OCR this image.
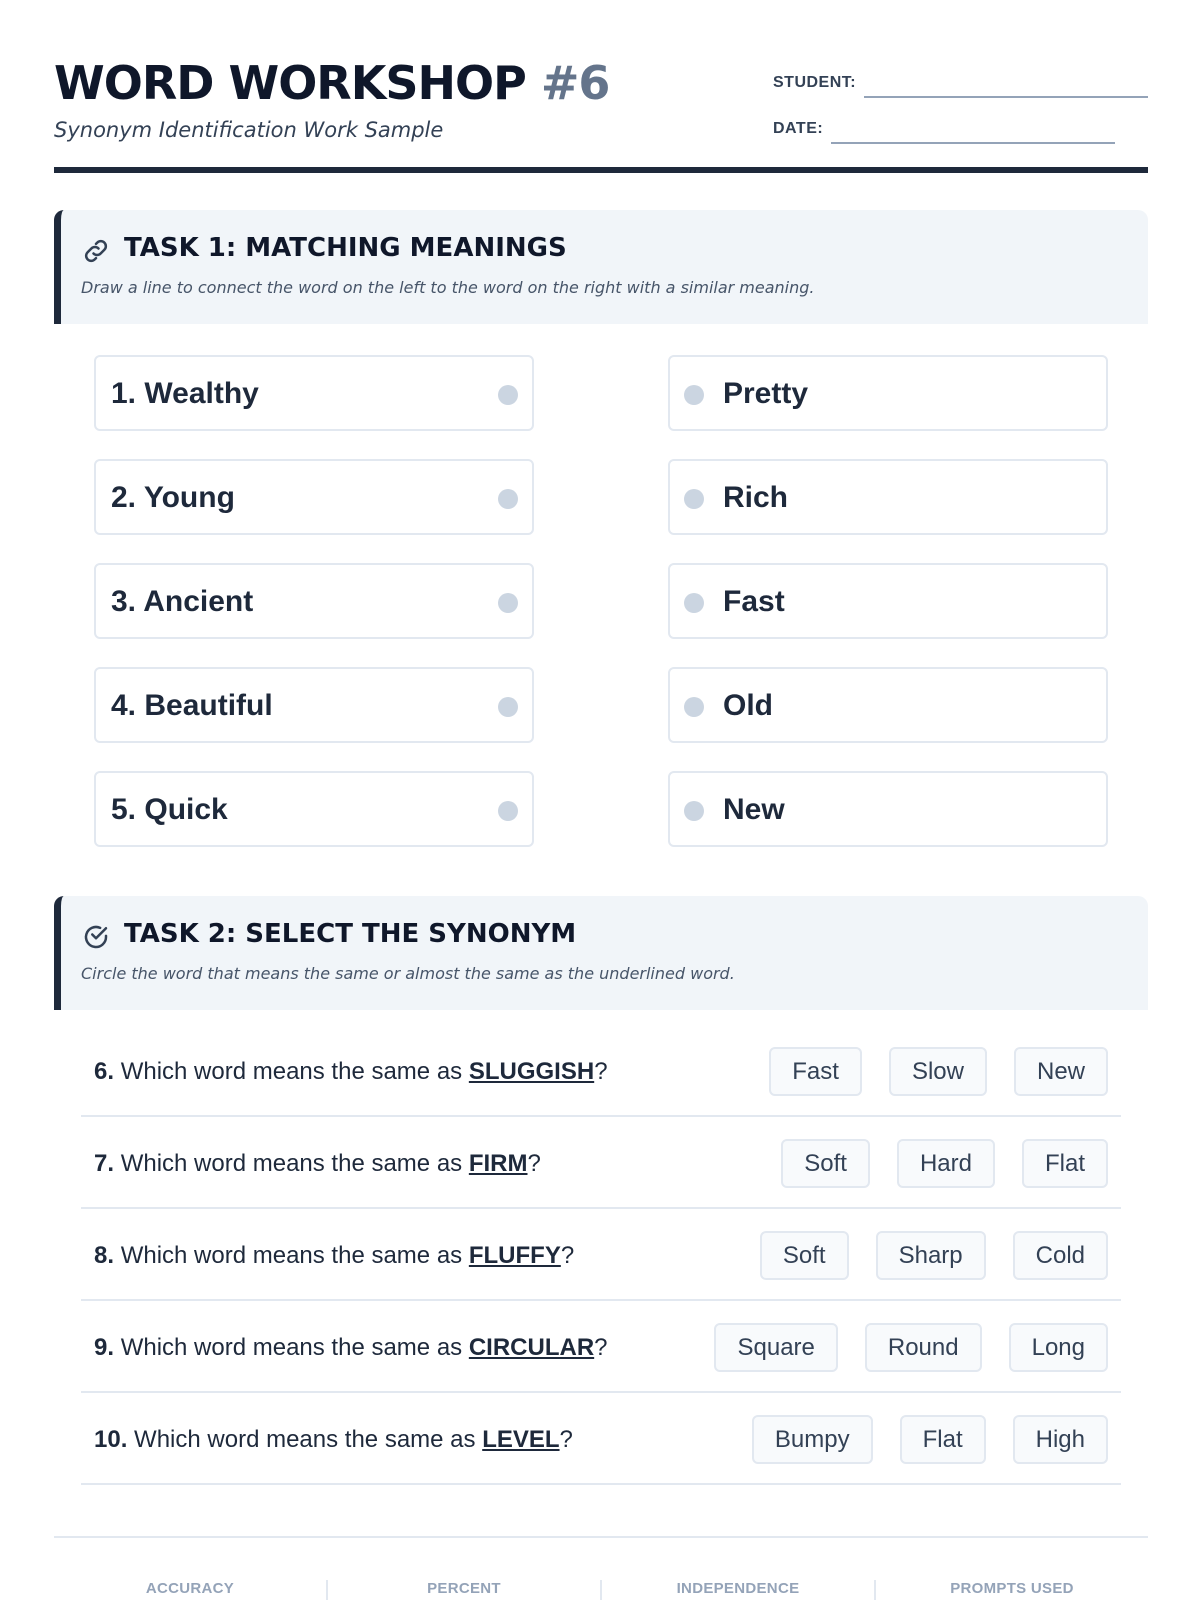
WORD WORKSHOP #6
Synonym Identification Work Sample
STUDENT:
DATE:
TASK 1: MATCHING MEANINGS
Draw a line to connect the word on the left to the word on the right with a similar meaning.
1. Wealthy
2. Young
3. Ancient
4. Beautiful
5. Quick
Pretty
Rich
Fast
Old
New
TASK 2: SELECT THE SYNONYM
Circle the word that means the same or almost the same as the underlined word.
6. Which word means the same as SLUGGISH?	Fast	Slow	New
7. Which word means the same as FIRM?	Soft	Hard	Flat
8. Which word means the same as FLUFFY?	Soft	Sharp	Cold
9. Which word means the same as CIRCULAR?	Square	Round	Long
10. Which word means the same as LEVEL?	Bumpy	Flat	High
ACCURACY	PERCENT	INDEPENDENCE	PROMPTS USED
